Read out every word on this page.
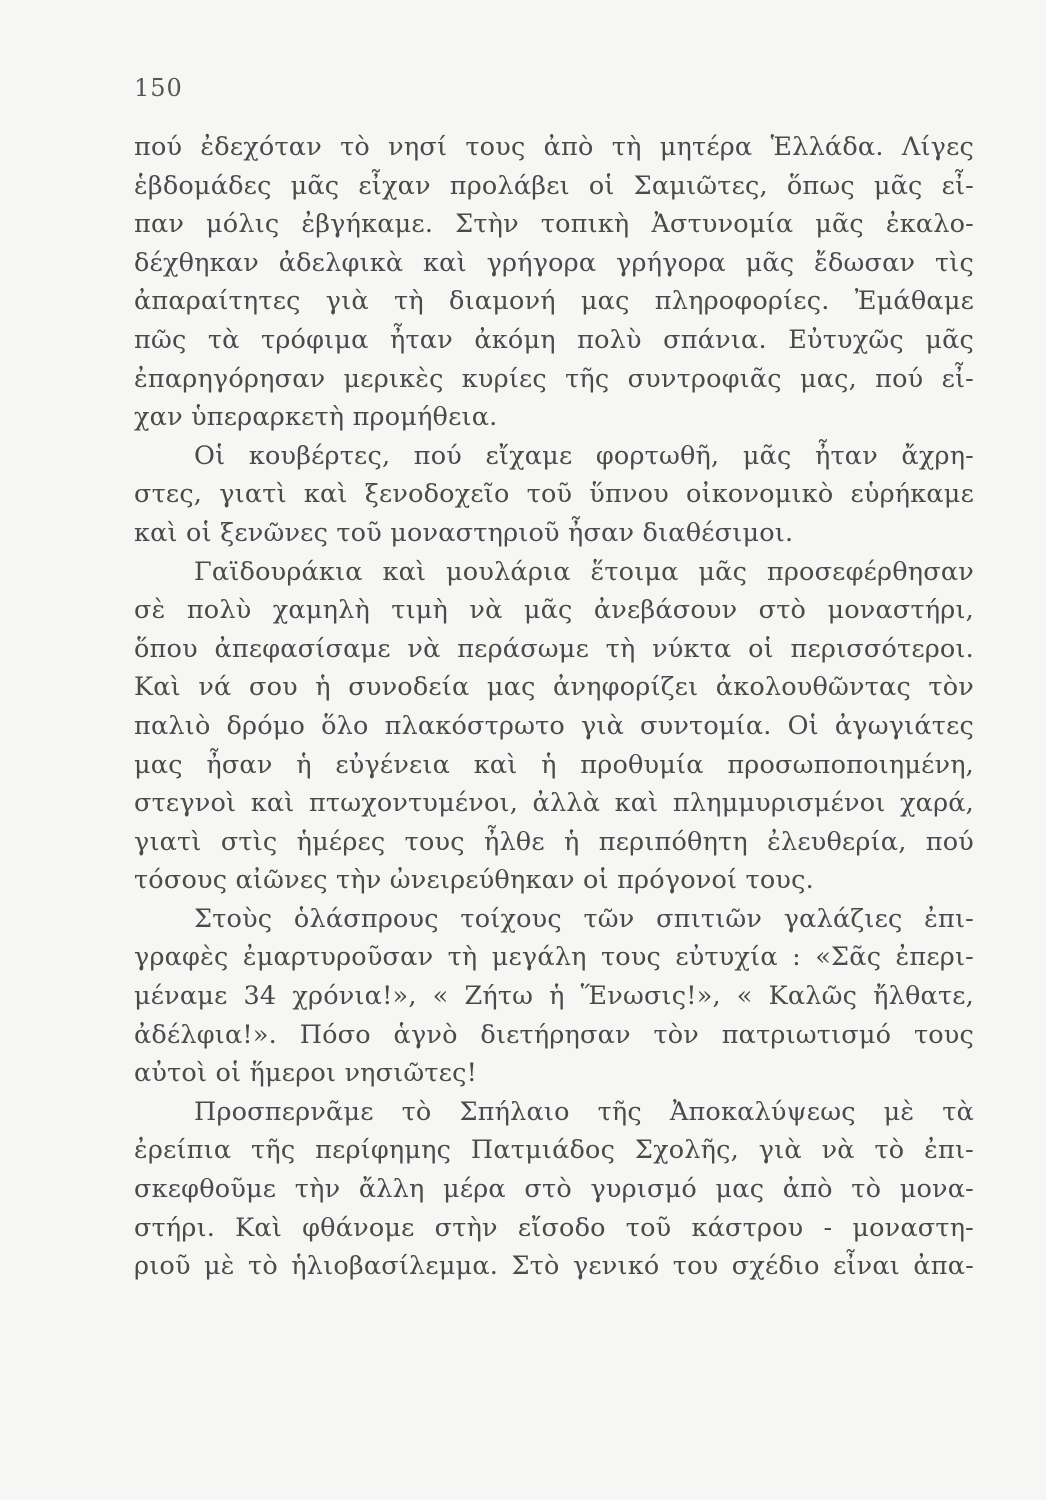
150
πού ἐδεχόταν τὸ νησί τους ἀπὸ τὴ μητέρα Ἑλλάδα. Λίγες
ἑβδομάδες μᾶς εἶχαν προλάβει οἱ Σαμιῶτες, ὅπως μᾶς εἶ-
παν μόλις ἐβγήκαμε. Στὴν τοπικὴ Ἀστυνομία μᾶς ἐκαλο-
δέχθηκαν ἀδελφικὰ καὶ γρήγορα γρήγορα μᾶς ἔδωσαν τὶς
ἀπαραίτητες γιὰ τὴ διαμονή μας πληροφορίες. Ἐμάθαμε
πῶς τὰ τρόφιμα ἦταν ἀκόμη πολὺ σπάνια. Εὐτυχῶς μᾶς
ἐπαρηγόρησαν μερικὲς κυρίες τῆς συντροφιᾶς μας, πού εἶ-
χαν ὑπεραρκετὴ προμήθεια.
Οἱ κουβέρτες, πού εἴχαμε φορτωθῆ, μᾶς ἦταν ἄχρη-
στες, γιατὶ καὶ ξενοδοχεῖο τοῦ ὕπνου οἰκονομικὸ εὑρήκαμε
καὶ οἱ ξενῶνες τοῦ μοναστηριοῦ ἦσαν διαθέσιμοι.
Γαϊδουράκια καὶ μουλάρια ἕτοιμα μᾶς προσεφέρθησαν
σὲ πολὺ χαμηλὴ τιμὴ νὰ μᾶς ἀνεβάσουν στὸ μοναστήρι,
ὅπου ἀπεφασίσαμε νὰ περάσωμε τὴ νύκτα οἱ περισσότεροι.
Καὶ νά σου ἡ συνοδεία μας ἀνηφορίζει ἀκολουθῶντας τὸν
παλιὸ δρόμο ὅλο πλακόστρωτο γιὰ συντομία. Οἱ ἀγωγιάτες
μας ἦσαν ἡ εὐγένεια καὶ ἡ προθυμία προσωποποιημένη,
στεγνοὶ καὶ πτωχοντυμένοι, ἀλλὰ καὶ πλημμυρισμένοι χαρά,
γιατὶ στὶς ἡμέρες τους ἦλθε ἡ περιπόθητη ἐλευθερία, πού
τόσους αἰῶνες τὴν ὠνειρεύθηκαν οἱ πρόγονοί τους.
Στοὺς ὁλάσπρους τοίχους τῶν σπιτιῶν γαλάζιες ἐπι-
γραφὲς ἐμαρτυροῦσαν τὴ μεγάλη τους εὐτυχία : «Σᾶς ἐπερι-
μέναμε 34 χρόνια!», « Ζήτω ἡ Ἕνωσις!», « Καλῶς ἤλθατε,
ἀδέλφια!». Πόσο ἁγνὸ διετήρησαν τὸν πατριωτισμό τους
αὐτοὶ οἱ ἥμεροι νησιῶτες!
Προσπερνᾶμε τὸ Σπήλαιο τῆς Ἀποκαλύψεως μὲ τὰ
ἐρείπια τῆς περίφημης Πατμιάδος Σχολῆς, γιὰ νὰ τὸ ἐπι-
σκεφθοῦμε τὴν ἄλλη μέρα στὸ γυρισμό μας ἀπὸ τὸ μονα-
στήρι. Καὶ φθάνομε στὴν εἴσοδο τοῦ κάστρου - μοναστη-
ριοῦ μὲ τὸ ἡλιοβασίλεμμα. Στὸ γενικό του σχέδιο εἶναι ἀπα-
